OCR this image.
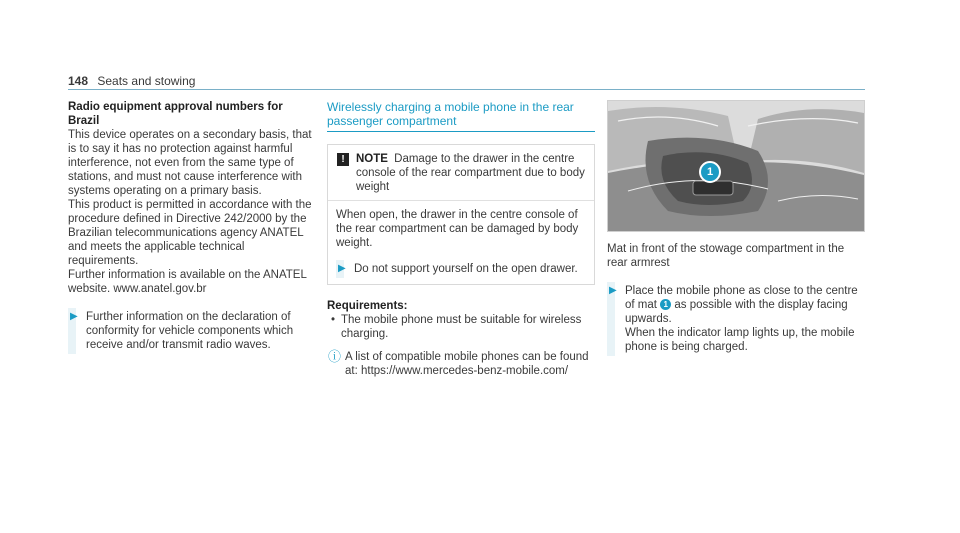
148 Seats and stowing

Radio equipment approval numbers for Brazil

This device operates on a secondary basis, that is to say it has no protection against harmful interference, not even from the same type of stations, and must not cause interference with systems operating on a primary basis.

This product is permitted in accordance with the procedure defined in Directive 242/2000 by the Brazilian telecommunications agency ANATEL and meets the applicable technical requirements.

Further information is available on the ANATEL website. www.anatel.gov.br

▶ Further information on the declaration of conformity for vehicle components which receive and/or transmit radio waves.

Wirelessly charging a mobile phone in the rear passenger compartment

! NOTE Damage to the drawer in the centre console of the rear compartment due to body weight

When open, the drawer in the centre console of the rear compartment can be damaged by body weight.

▶ Do not support yourself on the open drawer.

Requirements:

• The mobile phone must be suitable for wireless charging.
ⓘ A list of compatible mobile phones can be found at: https://www.mercedes-benz-mobile.com/
1

Mat in front of the stowage compartment in the rear armrest

▶ Place the mobile phone as close to the centre of mat 1 as possible with the display facing upwards.

When the indicator lamp lights up, the mobile phone is being charged.
